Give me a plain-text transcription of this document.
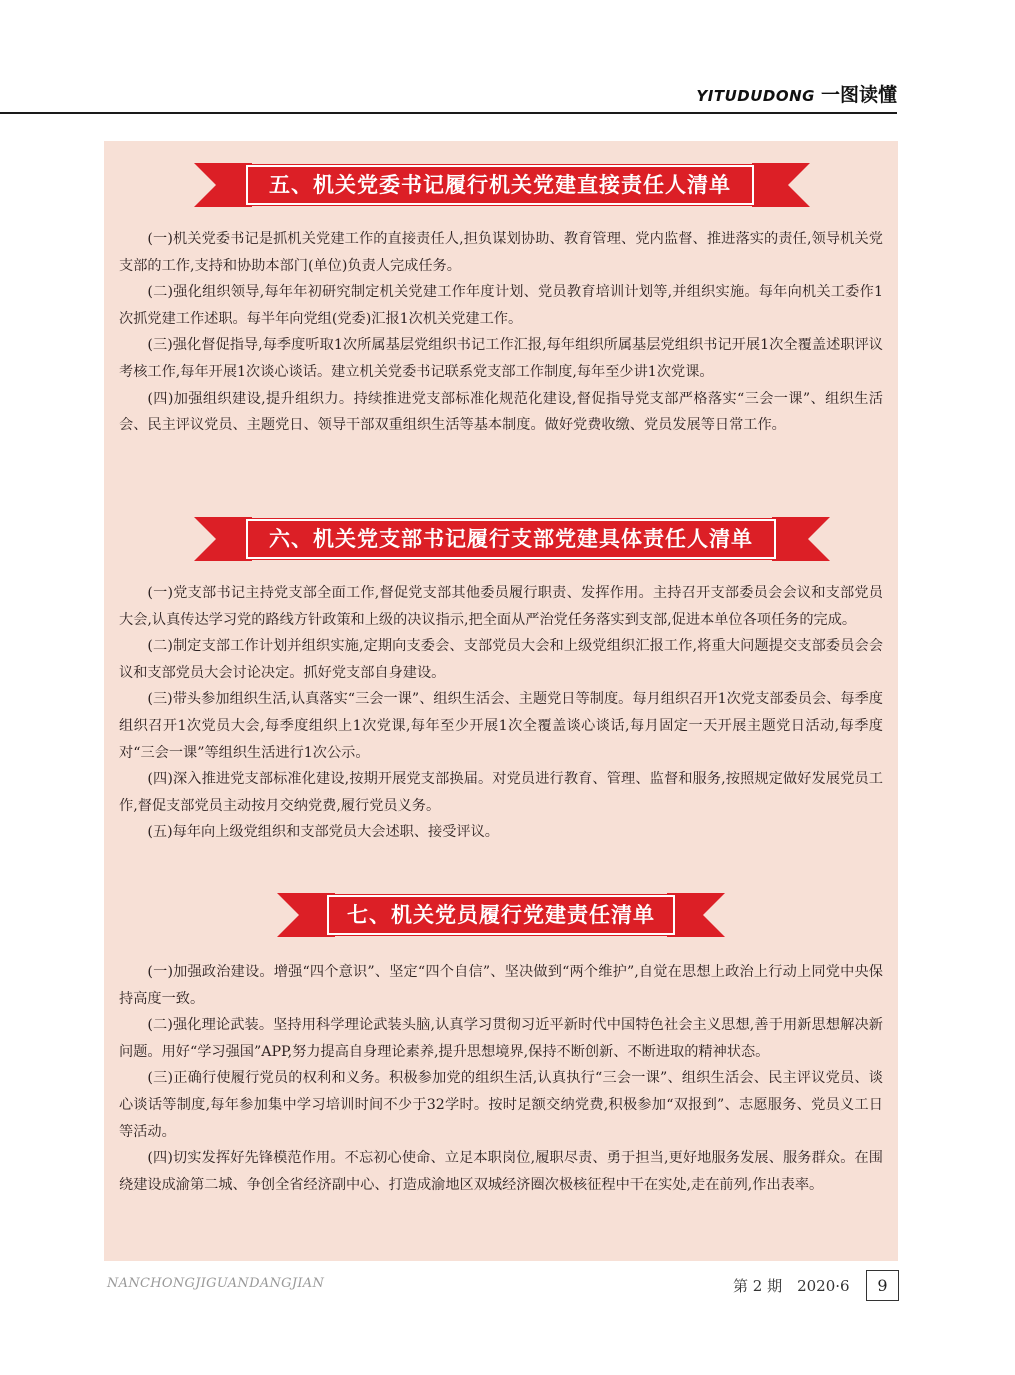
YITUDUDONG 一图读懂
五、机关党委书记履行机关党建直接责任人清单

(一)机关党委书记是抓机关党建工作的直接责任人,担负谋划协助、教育管理、党内监督、推进落实的责任,领导机关党支部的工作,支持和协助本部门(单位)负责人完成任务。

(二)强化组织领导,每年年初研究制定机关党建工作年度计划、党员教育培训计划等,并组织实施。每年向机关工委作1次抓党建工作述职。每半年向党组(党委)汇报1次机关党建工作。

(三)强化督促指导,每季度听取1次所属基层党组织书记工作汇报,每年组织所属基层党组织书记开展1次全覆盖述职评议考核工作,每年开展1次谈心谈话。建立机关党委书记联系党支部工作制度,每年至少讲1次党课。

(四)加强组织建设,提升组织力。持续推进党支部标准化规范化建设,督促指导党支部严格落实“三会一课”、组织生活会、民主评议党员、主题党日、领导干部双重组织生活等基本制度。做好党费收缴、党员发展等日常工作。

六、机关党支部书记履行支部党建具体责任人清单

(一)党支部书记主持党支部全面工作,督促党支部其他委员履行职责、发挥作用。主持召开支部委员会会议和支部党员大会,认真传达学习党的路线方针政策和上级的决议指示,把全面从严治党任务落实到支部,促进本单位各项任务的完成。

(二)制定支部工作计划并组织实施,定期向支委会、支部党员大会和上级党组织汇报工作,将重大问题提交支部委员会会议和支部党员大会讨论决定。抓好党支部自身建设。

(三)带头参加组织生活,认真落实“三会一课”、组织生活会、主题党日等制度。每月组织召开1次党支部委员会、每季度组织召开1次党员大会,每季度组织上1次党课,每年至少开展1次全覆盖谈心谈话,每月固定一天开展主题党日活动,每季度对“三会一课”等组织生活进行1次公示。

(四)深入推进党支部标准化建设,按期开展党支部换届。对党员进行教育、管理、监督和服务,按照规定做好发展党员工作,督促支部党员主动按月交纳党费,履行党员义务。

(五)每年向上级党组织和支部党员大会述职、接受评议。

七、机关党员履行党建责任清单

(一)加强政治建设。增强“四个意识”、坚定“四个自信”、坚决做到“两个维护”,自觉在思想上政治上行动上同党中央保持高度一致。

(二)强化理论武装。坚持用科学理论武装头脑,认真学习贯彻习近平新时代中国特色社会主义思想,善于用新思想解决新问题。用好“学习强国”APP,努力提高自身理论素养,提升思想境界,保持不断创新、不断进取的精神状态。

(三)正确行使履行党员的权利和义务。积极参加党的组织生活,认真执行“三会一课”、组织生活会、民主评议党员、谈心谈话等制度,每年参加集中学习培训时间不少于32学时。按时足额交纳党费,积极参加“双报到”、志愿服务、党员义工日等活动。

(四)切实发挥好先锋模范作用。不忘初心使命、立足本职岗位,履职尽责、勇于担当,更好地服务发展、服务群众。在围绕建设成渝第二城、争创全省经济副中心、打造成渝地区双城经济圈次极核征程中干在实处,走在前列,作出表率。

NANCHONGJIGUANDANGJIAN	第 2 期　2020·6	9
